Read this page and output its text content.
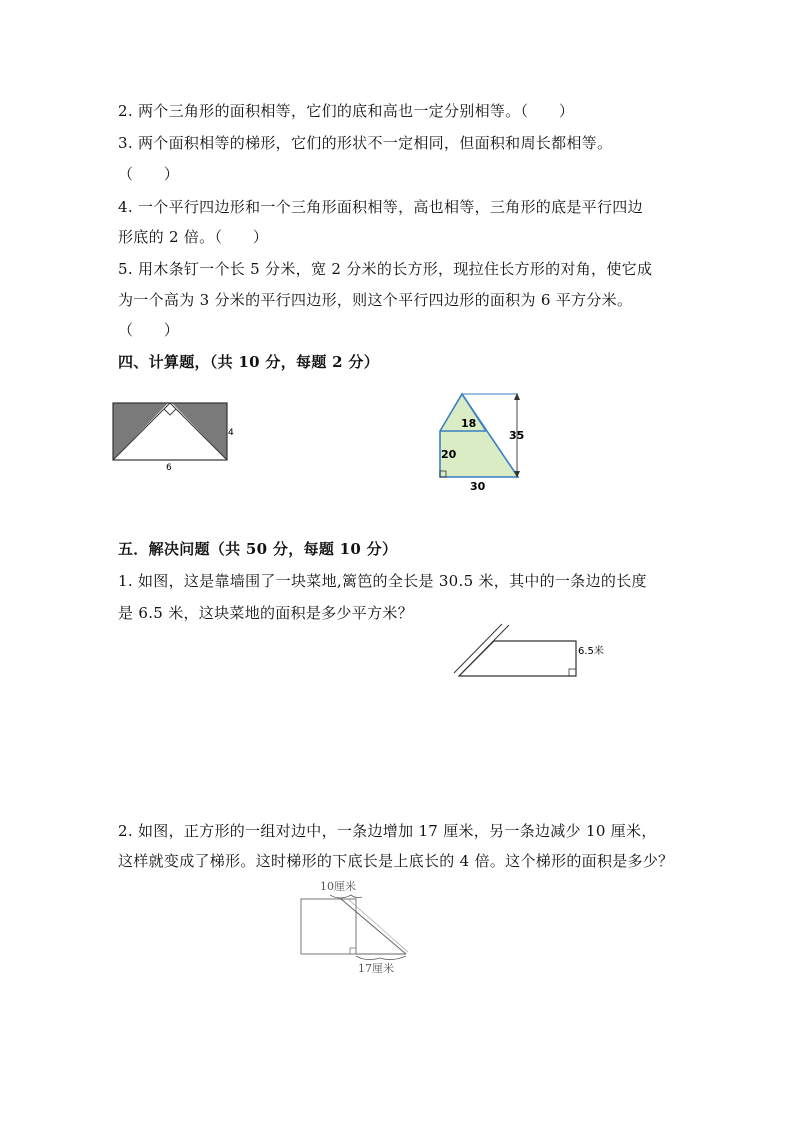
2. 两个三角形的面积相等，它们的底和高也一定分别相等。（　　）
3. 两个面积相等的梯形，它们的形状不一定相同，但面积和周长都相等。
（　　）
4. 一个平行四边形和一个三角形面积相等，高也相等，三角形的底是平行四边
形底的 2 倍。（　　）
5. 用木条钉一个长 5 分米，宽 2 分米的长方形，现拉住长方形的对角，使它成
为一个高为 3 分米的平行四边形，则这个平行四边形的面积为 6 平方分米。
（　　）
四、计算题，（共 10 分，每题 2 分）
4
6
18
20
35
30
五．解决问题（共 50 分，每题 10 分）
1. 如图，这是靠墙围了一块菜地,篱笆的全长是 30.5 米，其中的一条边的长度
是 6.5 米，这块菜地的面积是多少平方米？
6.5米
2. 如图，正方形的一组对边中，一条边增加 17 厘米，另一条边减少 10 厘米，
这样就变成了梯形。这时梯形的下底长是上底长的 4 倍。这个梯形的面积是多少？
10厘米
17厘米
